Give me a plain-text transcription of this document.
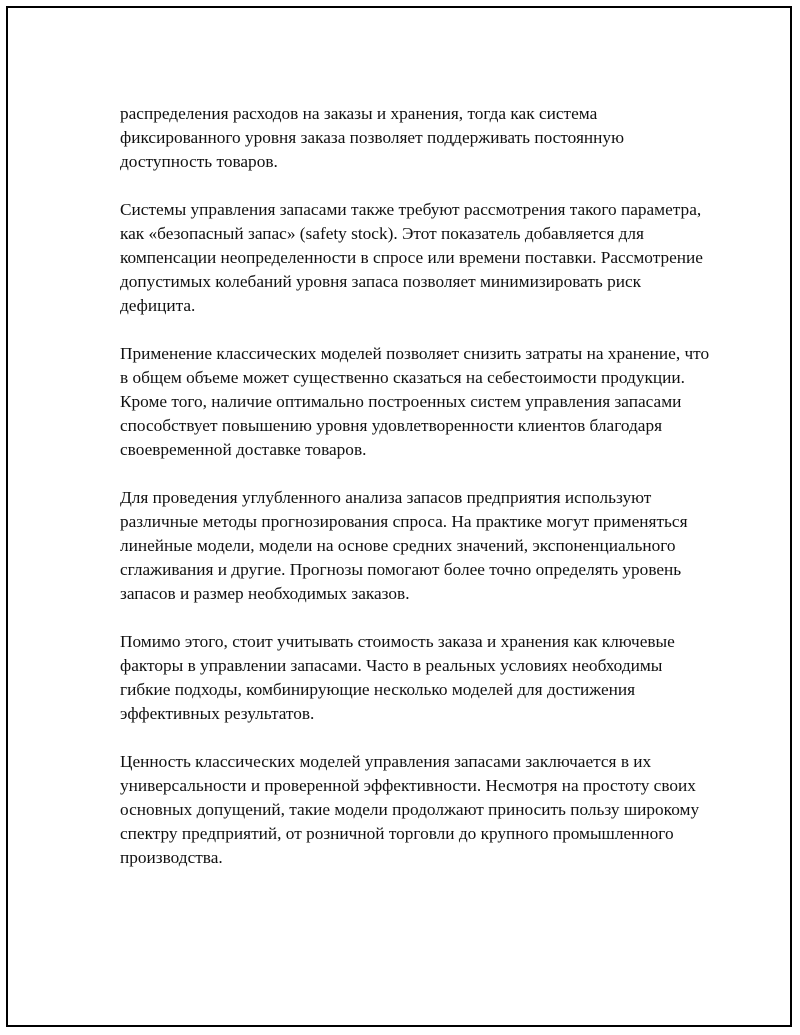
распределения расходов на заказы и хранения, тогда как система фиксированного уровня заказа позволяет поддерживать постоянную доступность товаров.

Системы управления запасами также требуют рассмотрения такого параметра, как «безопасный запас» (safety stock). Этот показатель добавляется для компенсации неопределенности в спросе или времени поставки. Рассмотрение допустимых колебаний уровня запаса позволяет минимизировать риск дефицита.

Применение классических моделей позволяет снизить затраты на хранение, что в общем объеме может существенно сказаться на себестоимости продукции. Кроме того, наличие оптимально построенных систем управления запасами способствует повышению уровня удовлетворенности клиентов благодаря своевременной доставке товаров.

Для проведения углубленного анализа запасов предприятия используют различные методы прогнозирования спроса. На практике могут применяться линейные модели, модели на основе средних значений, экспоненциального сглаживания и другие. Прогнозы помогают более точно определять уровень запасов и размер необходимых заказов.

Помимо этого, стоит учитывать стоимость заказа и хранения как ключевые факторы в управлении запасами. Часто в реальных условиях необходимы гибкие подходы, комбинирующие несколько моделей для достижения эффективных результатов.

Ценность классических моделей управления запасами заключается в их универсальности и проверенной эффективности. Несмотря на простоту своих основных допущений, такие модели продолжают приносить пользу широкому спектру предприятий, от розничной торговли до крупного промышленного производства.
